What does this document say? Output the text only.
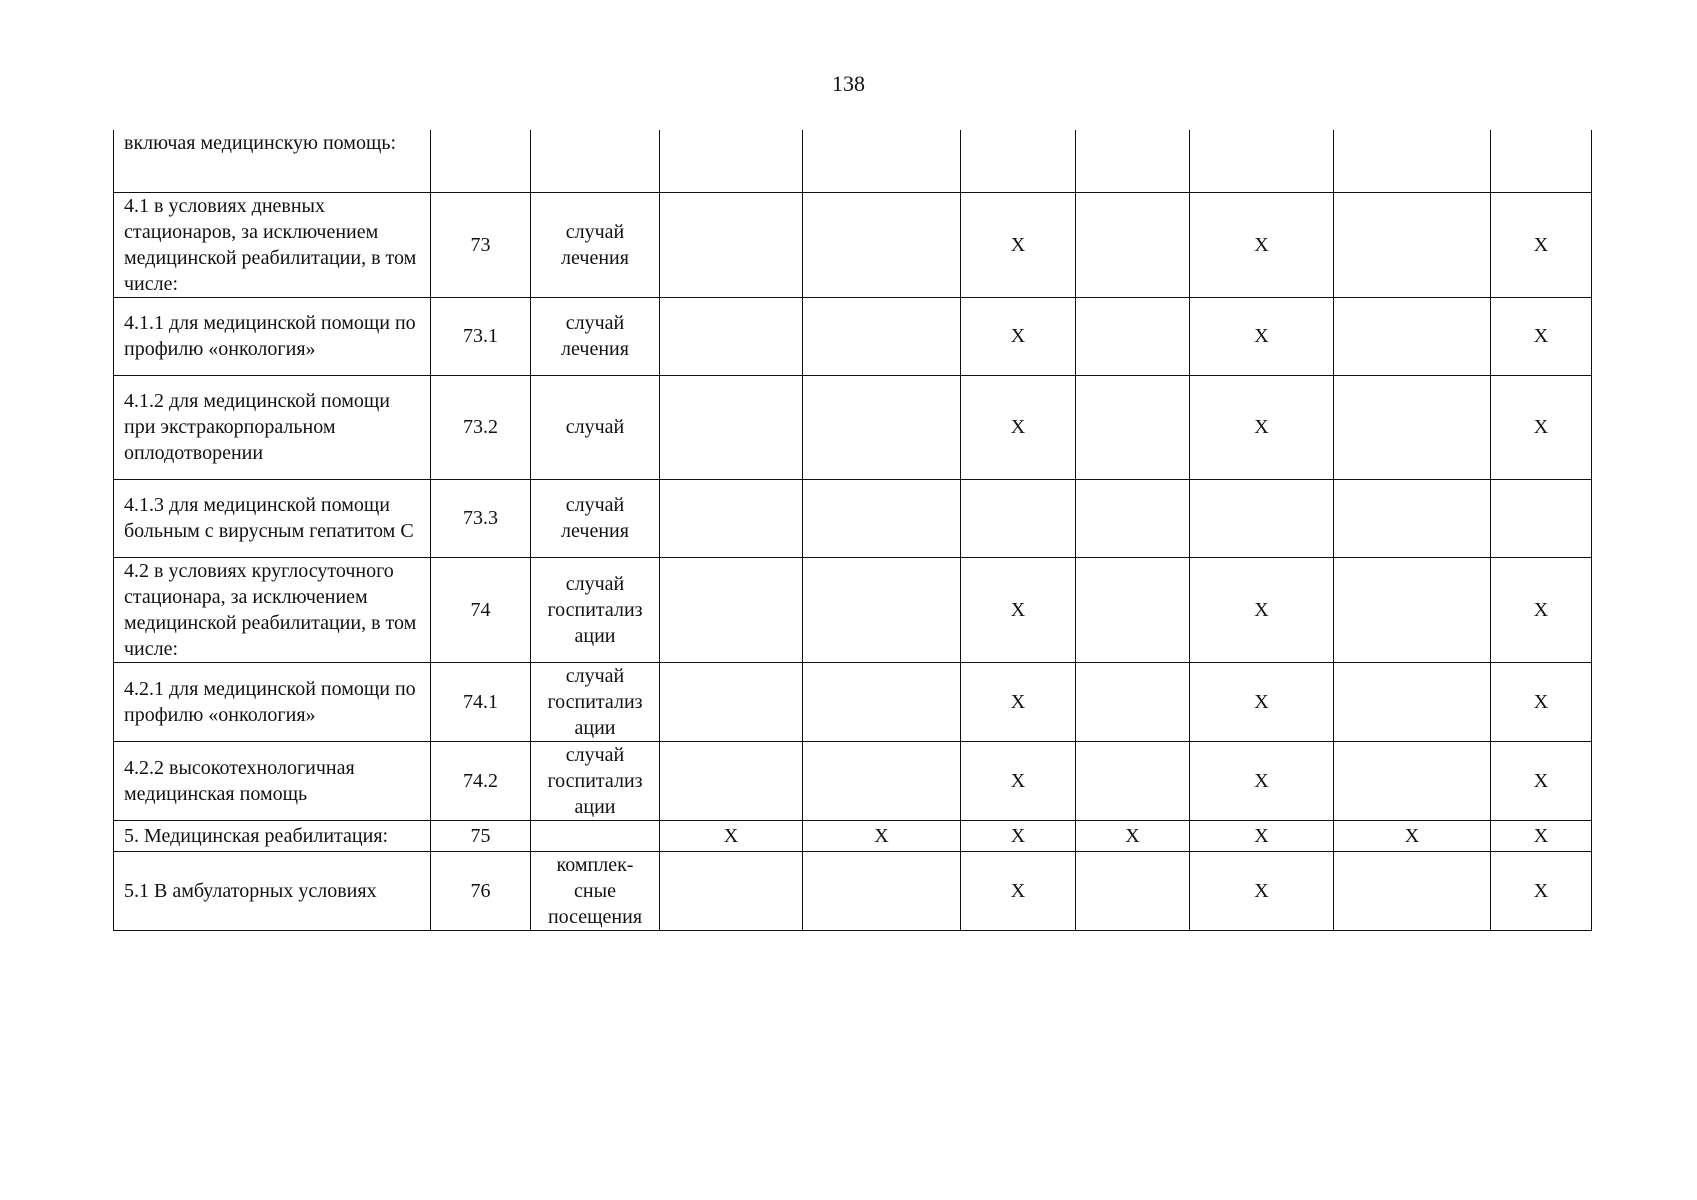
138
включая медицинскую помощь:									
4.1 в условиях дневных стационаров, за исключением медицинской реабилитации, в том числе:	73	случай лечения			Х		Х		Х
4.1.1 для медицинской помощи по профилю «онкология»	73.1	случай лечения			Х		Х		Х
4.1.2 для медицинской помощи при экстракорпоральном оплодотворении	73.2	случай			Х		Х		Х
4.1.3 для медицинской помощи больным с вирусным гепатитом С	73.3	случай лечения							
4.2 в условиях круглосуточного стационара, за исключением медицинской реабилитации, в том числе:	74	случай госпитализ ации			Х		Х		Х
4.2.1 для медицинской помощи по профилю «онкология»	74.1	случай госпитализ ации			Х		Х		Х
4.2.2 высокотехнологичная медицинская помощь	74.2	случай госпитализ ации			Х		Х		Х
5. Медицинская реабилитация:	75		Х	Х	Х	Х	Х	Х	Х
5.1 В амбулаторных условиях	76	комплек- сные посещения			Х		Х		Х
